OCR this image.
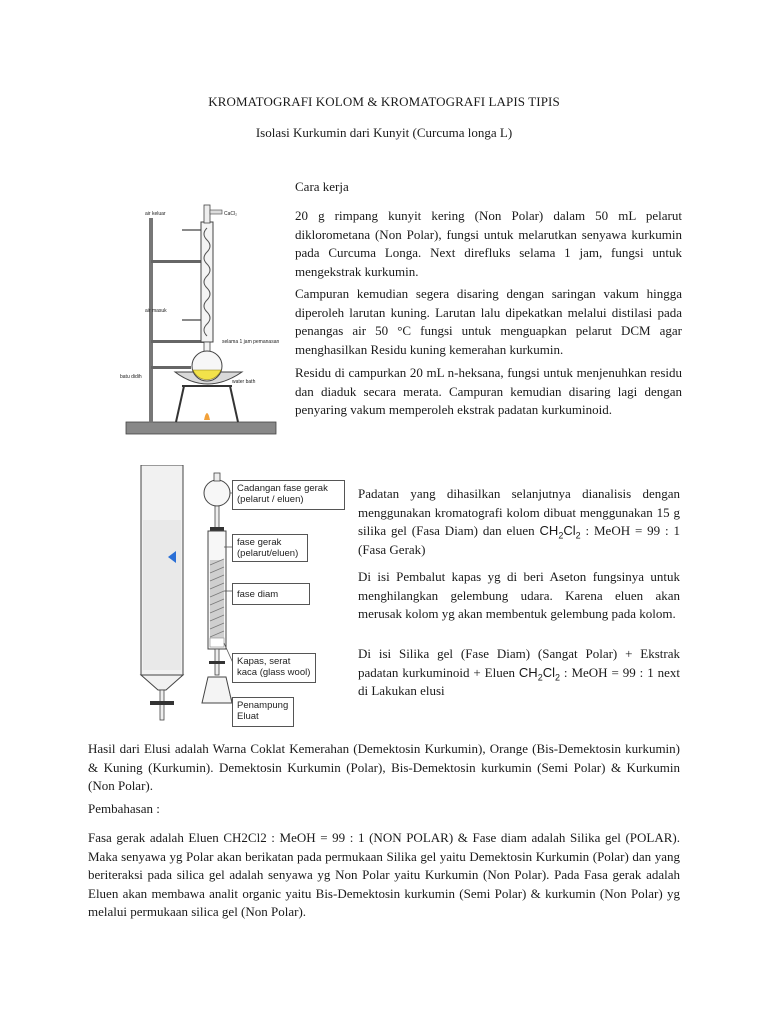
KROMATOGRAFI KOLOM & KROMATOGRAFI LAPIS TIPIS
Isolasi Kurkumin dari Kunyit (Curcuma longa L)
air keluar	CaCl₂
air masuk
selama 1 jam pemanasan
batu didih
water bath

Cara kerja

20 g rimpang kunyit kering (Non Polar) dalam 50 mL pelarut diklorometana (Non Polar), fungsi untuk melarutkan senyawa kurkumin pada Curcuma Longa. Next direfluks selama 1 jam, fungsi untuk mengekstrak kurkumin.

Campuran kemudian segera disaring dengan saringan vakum hingga diperoleh larutan kuning. Larutan lalu dipekatkan melalui distilasi pada penangas air 50 °C fungsi untuk menguapkan pelarut DCM agar menghasilkan Residu kuning kemerahan kurkumin.

Residu di campurkan 20 mL n-heksana, fungsi untuk menjenuhkan residu dan diaduk secara merata. Campuran kemudian disaring lagi dengan penyaring vakum memperoleh ekstrak padatan kurkuminoid.

Cadangan fase gerak (pelarut / eluen)
fase gerak (pelarut/eluen)
fase diam
Kapas, serat kaca (glass wool)
Penampung Eluat

Padatan yang dihasilkan selanjutnya dianalisis dengan menggunakan kromatografi kolom dibuat menggunakan 15 g silika gel (Fasa Diam) dan eluen $CH_2Cl_2$ : MeOH = 99 : 1 (Fasa Gerak)

Di isi Pembalut kapas yg di beri Aseton fungsinya untuk menghilangkan gelembung udara. Karena eluen akan merusak kolom yg akan membentuk gelembung pada kolom.

Di isi Silika gel (Fase Diam) (Sangat Polar) + Ekstrak padatan kurkuminoid + Eluen $CH_2Cl_2$ : MeOH = 99 : 1 next di Lakukan elusi

Hasil dari Elusi adalah Warna Coklat Kemerahan (Demektosin Kurkumin), Orange (Bis-Demektosin kurkumin) & Kuning (Kurkumin). Demektosin Kurkumin (Polar), Bis-Demektosin kurkumin (Semi Polar) & Kurkumin (Non Polar).

Pembahasan :

Fasa gerak adalah Eluen CH2Cl2 : MeOH = 99 : 1 (NON POLAR) & Fase diam adalah Silika gel (POLAR). Maka senyawa yg Polar akan berikatan pada permukaan Silika gel yaitu Demektosin Kurkumin (Polar) dan yang beriteraksi pada silica gel adalah senyawa yg Non Polar yaitu Kurkumin (Non Polar). Pada Fasa gerak adalah Eluen akan membawa analit organic yaitu Bis-Demektosin kurkumin (Semi Polar) & kurkumin (Non Polar) yg melalui permukaan silica gel (Non Polar).
